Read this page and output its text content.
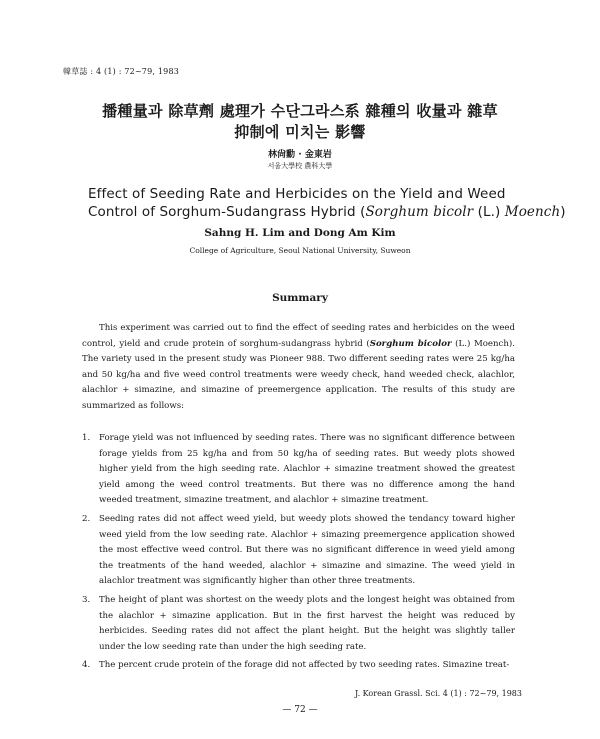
韓草誌 : 4 (1) : 72~79, 1983
播種量과 除草劑 處理가 수단그라스系 雜種의 收量과 雜草
抑制에 미치는 影響
林尙勳 · 金東岩
서울大學校 農科大學
Effect of Seeding Rate and Herbicides on the Yield and Weed
Control of Sorghum-Sudangrass Hybrid (Sorghum bicolr (L.) Moench)
Sahng H. Lim and Dong Am Kim
College of Agriculture, Seoul National University, Suweon
Summary

This experiment was carried out to find the effect of seeding rates and herbicides on the weed control, yield and crude protein of sorghum-sudangrass hybrid (Sorghum bicolor (L.) Moench). The variety used in the present study was Pioneer 988. Two different seeding rates were 25 kg/ha and 50 kg/ha and five weed control treatments were weedy check, hand weeded check, alachlor, alachlor + simazine, and simazine of preemergence application. The results of this study are summarized as follows:

1. Forage yield was not influenced by seeding rates. There was no significant difference between forage yields from 25 kg/ha and from 50 kg/ha of seeding rates. But weedy plots showed higher yield from the high seeding rate. Alachlor + simazine treatment showed the greatest yield among the weed control treatments. But there was no difference among the hand weeded treatment, simazine treatment, and alachlor + simazine treatment.
2. Seeding rates did not affect weed yield, but weedy plots showed the tendancy toward higher weed yield from the low seeding rate. Alachlor + simazing preemergence application showed the most effective weed control. But there was no significant difference in weed yield among the treatments of the hand weeded, alachlor + simazine and simazine. The weed yield in alachlor treatment was significantly higher than other three treatments.
3. The height of plant was shortest on the weedy plots and the longest height was obtained from the alachlor + simazine application. But in the first harvest the height was reduced by herbicides. Seeding rates did not affect the plant height. But the height was slightly taller under the low seeding rate than under the high seeding rate.
4. The percent crude protein of the forage did not affected by two seeding rates. Simazine treat-
J. Korean Grassl. Sci. 4 (1) : 72~79, 1983
— 72 —
